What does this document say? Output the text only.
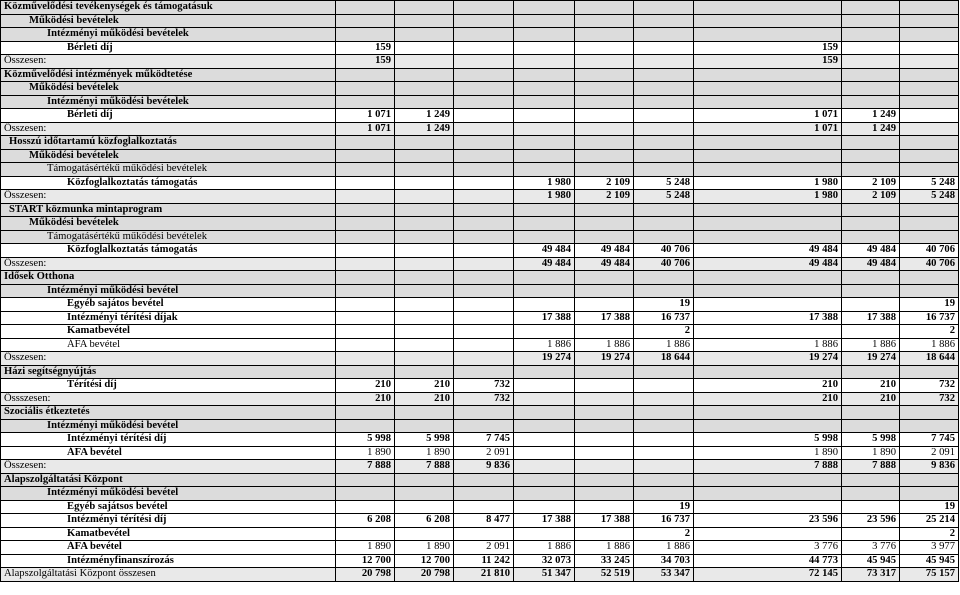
Közművelődési tevékenységek és támogatásuk									
Működési bevételek									
Intézményi működési bevételek									
Bérleti díj	159						159		
Összesen:	159						159		
Közművelődési intézmények működtetése									
Működési bevételek									
Intézményi működési bevételek									
Bérleti díj	1 071	1 249					1 071	1 249	
Összesen:	1 071	1 249					1 071	1 249	
Hosszú időtartamú közfoglalkoztatás									
Működési bevételek									
Támogatásértékű működési bevételek									
Közfoglalkoztatás támogatás				1 980	2 109	5 248	1 980	2 109	5 248
Összesen:				1 980	2 109	5 248	1 980	2 109	5 248
START közmunka mintaprogram									
Működési bevételek									
Támogatásértékű működési bevételek									
Közfoglalkoztatás támogatás				49 484	49 484	40 706	49 484	49 484	40 706
Összesen:				49 484	49 484	40 706	49 484	49 484	40 706
Idősek Otthona									
Intézményi működési bevétel									
Egyéb sajátos bevétel						19			19
Intézményi térítési díjak				17 388	17 388	16 737	17 388	17 388	16 737
Kamatbevétel						2			2
ÁFA bevétel				1 886	1 886	1 886	1 886	1 886	1 886
Összesen:				19 274	19 274	18 644	19 274	19 274	18 644
Házi segítségnyújtás									
Térítési díj	210	210	732				210	210	732
Össszesen:	210	210	732				210	210	732
Szociális étkeztetés									
Intézményi működési bevétel									
Intézményi térítési díj	5 998	5 998	7 745				5 998	5 998	7 745
ÁFA bevétel	1 890	1 890	2 091				1 890	1 890	2 091
Összesen:	7 888	7 888	9 836				7 888	7 888	9 836
Alapszolgáltatási Központ									
Intézményi működési bevétel									
Egyéb sajátsos bevétel						19			19
Intézményi térítési díj	6 208	6 208	8 477	17 388	17 388	16 737	23 596	23 596	25 214
Kamatbevétel						2			2
ÁFA bevétel	1 890	1 890	2 091	1 886	1 886	1 886	3 776	3 776	3 977
Intézményfinanszírozás	12 700	12 700	11 242	32 073	33 245	34 703	44 773	45 945	45 945
Alapszolgáltatási Központ összesen	20 798	20 798	21 810	51 347	52 519	53 347	72 145	73 317	75 157
